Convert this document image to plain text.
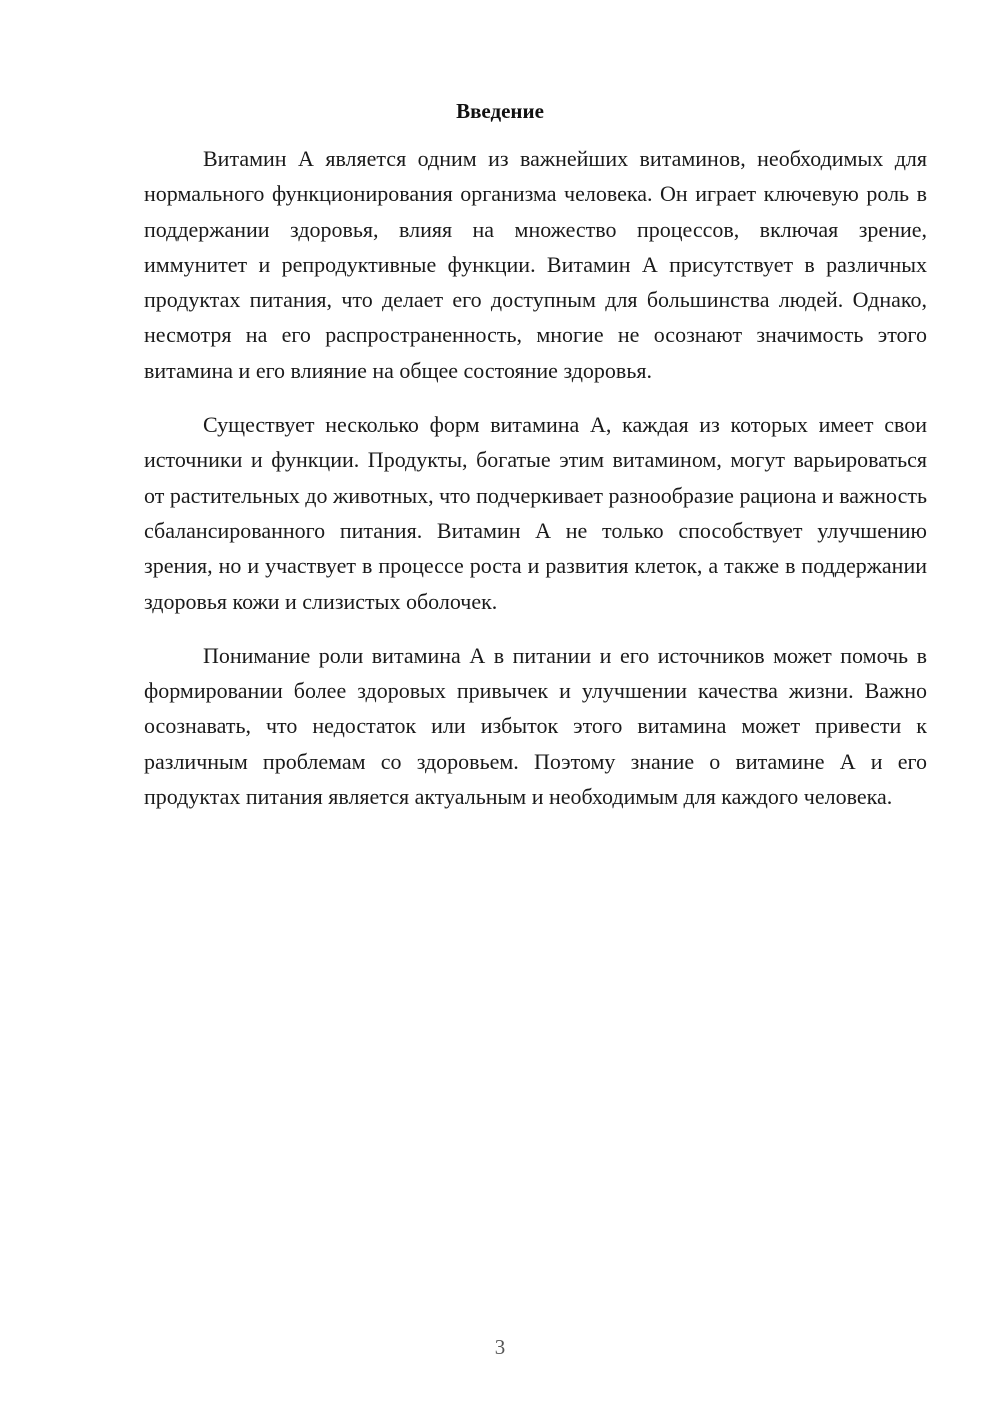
Введение

Витамин А является одним из важнейших витаминов, необходимых для нормального функционирования организма человека. Он играет ключевую роль в поддержании здоровья, влияя на множество процессов, включая зрение, иммунитет и репродуктивные функции. Витамин А присутствует в различных продуктах питания, что делает его доступным для большинства людей. Однако, несмотря на его распространенность, многие не осознают значимость этого витамина и его влияние на общее состояние здоровья.

Существует несколько форм витамина А, каждая из которых имеет свои источники и функции. Продукты, богатые этим витамином, могут варьироваться от растительных до животных, что подчеркивает разнообразие рациона и важность сбалансированного питания. Витамин А не только способствует улучшению зрения, но и участвует в процессе роста и развития клеток, а также в поддержании здоровья кожи и слизистых оболочек.

Понимание роли витамина А в питании и его источников может помочь в формировании более здоровых привычек и улучшении качества жизни. Важно осознавать, что недостаток или избыток этого витамина может привести к различным проблемам со здоровьем. Поэтому знание о витамине А и его продуктах питания является актуальным и необходимым для каждого человека.

3
